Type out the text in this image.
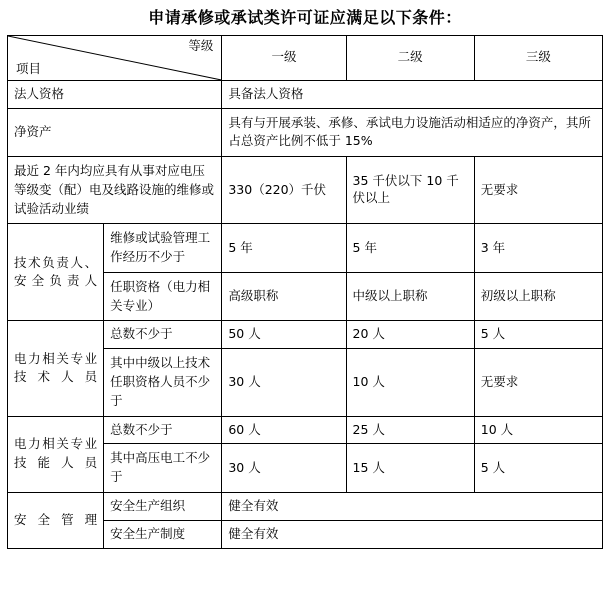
申请承修或承试类许可证应满足以下条件：
等级
项目		一级	二级	三级
法人资格		具备法人资格		
净资产		具有与开展承装、承修、承试电力设施活动相适应的净资产，其所占总资产比例不低于 15%		
最近 2 年内均应具有从事对应电压等级变（配）电及线路设施的维修或试验活动业绩		330（220）千伏	35 千伏以下 10 千伏以上	无要求
技术负责人、安全负责人	维修或试验管理工作经历不少于	5 年	5 年	3 年
	任职资格（电力相关专业）	高级职称	中级以上职称	初级以上职称
电力相关专业技术人员	总数不少于	50 人	20 人	5 人
	其中中级以上技术任职资格人员不少于	30 人	10 人	无要求
电力相关专业技能人员	总数不少于	60 人	25 人	10 人
	其中高压电工不少于	30 人	15 人	5 人
安全管理	安全生产组织	健全有效		
	安全生产制度	健全有效		
